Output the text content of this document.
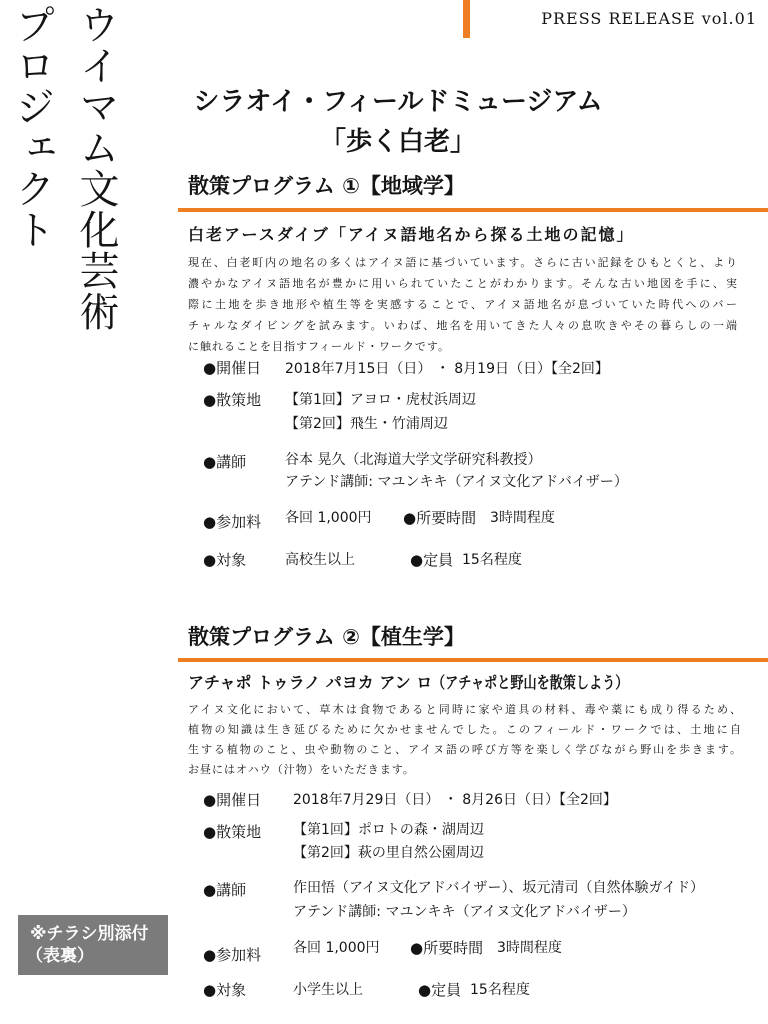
PRESS RELEASE vol.01
ウイマム文化芸術
プロジェクト	シラオイ・フィールドミュージアム
「歩く白老」
散策プログラム ①【地域学】
白老アースダイブ「アイヌ語地名から探る土地の記憶」
現在、白老町内の地名の多くはアイヌ語に基づいています。さらに古い記録をひもとくと、より
濃やかなアイヌ語地名が豊かに用いられていたことがわかります。そんな古い地図を手に、実
際に土地を歩き地形や植生等を実感することで、アイヌ語地名が息づいていた時代へのバー
チャルなダイビングを試みます。いわば、地名を用いてきた人々の息吹きやその暮らしの一端
に触れることを目指すフィールド・ワークです。
●開催日 2018年7月15日（日） ・ 8月19日（日）【全2回】
●散策地 【第1回】アヨロ・虎杖浜周辺
【第2回】飛生・竹浦周辺
●講師	谷本 晃久（北海道大学文学研究科教授）
アテンド講師: マユンキキ（アイヌ文化アドバイザー）
●参加料 各回 1,000円 ●所要時間 3時間程度
●対象	高校生以上	●定員 15名程度
散策プログラム ②【植生学】
アチャポ トゥラノ パヨカ アン ロ（アチャポと野山を散策しよう）
アイヌ文化において、草木は食物であると同時に家や道具の材料、毒や薬にも成り得るため、
植物の知識は生き延びるために欠かせませんでした。このフィールド・ワークでは、土地に自
生する植物のこと、虫や動物のこと、アイヌ語の呼び方等を楽しく学びながら野山を歩きます。
お昼にはオハウ（汁物）をいただきます。
●開催日 2018年7月29日（日） ・ 8月26日（日）【全2回】
●散策地 【第1回】ポロトの森・湖周辺
【第2回】萩の里自然公園周辺
●講師	作田悟（アイヌ文化アドバイザー）、坂元清司（自然体験ガイド）
アテンド講師: マユンキキ（アイヌ文化アドバイザー）
●参加料 各回 1,000円 ●所要時間 3時間程度
●対象	小学生以上	●定員 15名程度
※チラシ別添付
（表裏）
